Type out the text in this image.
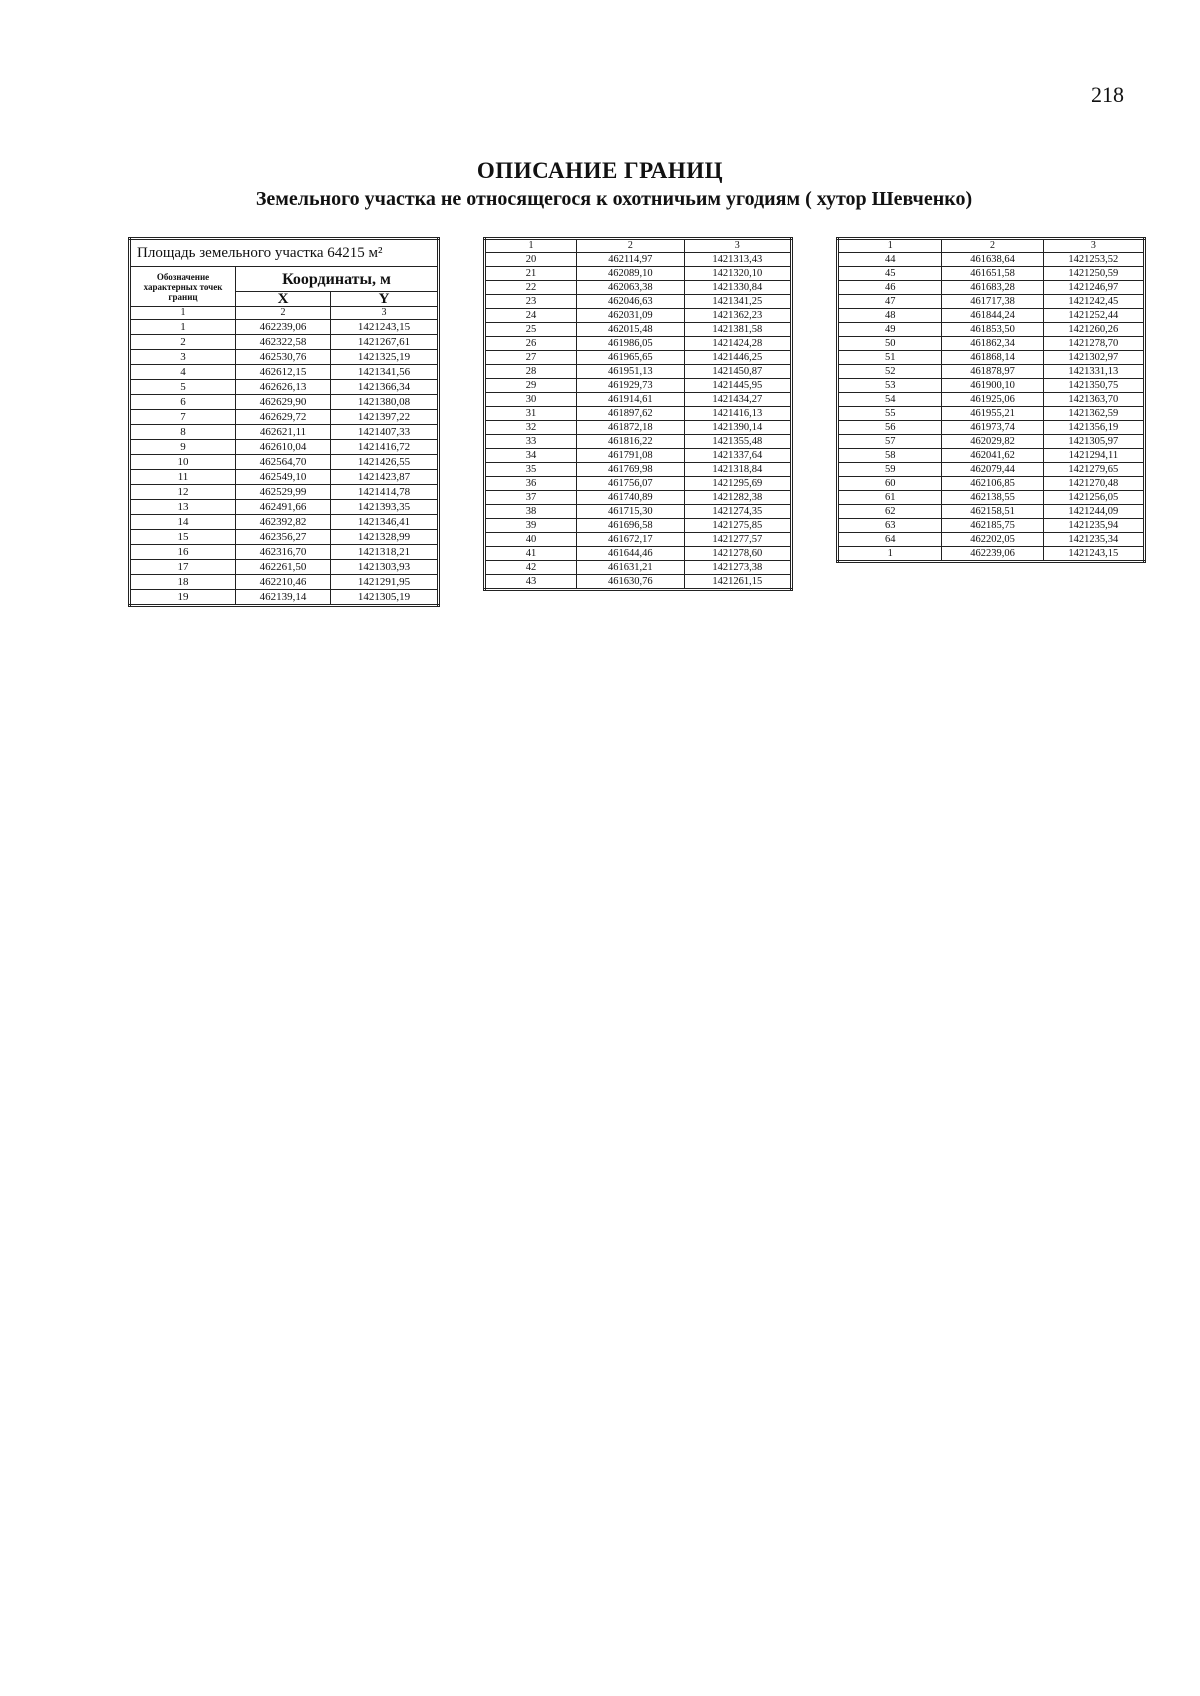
218
ОПИСАНИЕ ГРАНИЦ
Земельного участка не относящегося к охотничьим угодиям ( хутор Шевченко)
Площадь земельного участка 64215 м²		
Обозначение характерных точек границ	Координаты, м	
	X	Y
1	2	3
1	462239,06	1421243,15
2	462322,58	1421267,61
3	462530,76	1421325,19
4	462612,15	1421341,56
5	462626,13	1421366,34
6	462629,90	1421380,08
7	462629,72	1421397,22
8	462621,11	1421407,33
9	462610,04	1421416,72
10	462564,70	1421426,55
11	462549,10	1421423,87
12	462529,99	1421414,78
13	462491,66	1421393,35
14	462392,82	1421346,41
15	462356,27	1421328,99
16	462316,70	1421318,21
17	462261,50	1421303,93
18	462210,46	1421291,95
19	462139,14	1421305,19
1	2	3
20	462114,97	1421313,43
21	462089,10	1421320,10
22	462063,38	1421330,84
23	462046,63	1421341,25
24	462031,09	1421362,23
25	462015,48	1421381,58
26	461986,05	1421424,28
27	461965,65	1421446,25
28	461951,13	1421450,87
29	461929,73	1421445,95
30	461914,61	1421434,27
31	461897,62	1421416,13
32	461872,18	1421390,14
33	461816,22	1421355,48
34	461791,08	1421337,64
35	461769,98	1421318,84
36	461756,07	1421295,69
37	461740,89	1421282,38
38	461715,30	1421274,35
39	461696,58	1421275,85
40	461672,17	1421277,57
41	461644,46	1421278,60
42	461631,21	1421273,38
43	461630,76	1421261,15
1	2	3
44	461638,64	1421253,52
45	461651,58	1421250,59
46	461683,28	1421246,97
47	461717,38	1421242,45
48	461844,24	1421252,44
49	461853,50	1421260,26
50	461862,34	1421278,70
51	461868,14	1421302,97
52	461878,97	1421331,13
53	461900,10	1421350,75
54	461925,06	1421363,70
55	461955,21	1421362,59
56	461973,74	1421356,19
57	462029,82	1421305,97
58	462041,62	1421294,11
59	462079,44	1421279,65
60	462106,85	1421270,48
61	462138,55	1421256,05
62	462158,51	1421244,09
63	462185,75	1421235,94
64	462202,05	1421235,34
1	462239,06	1421243,15
